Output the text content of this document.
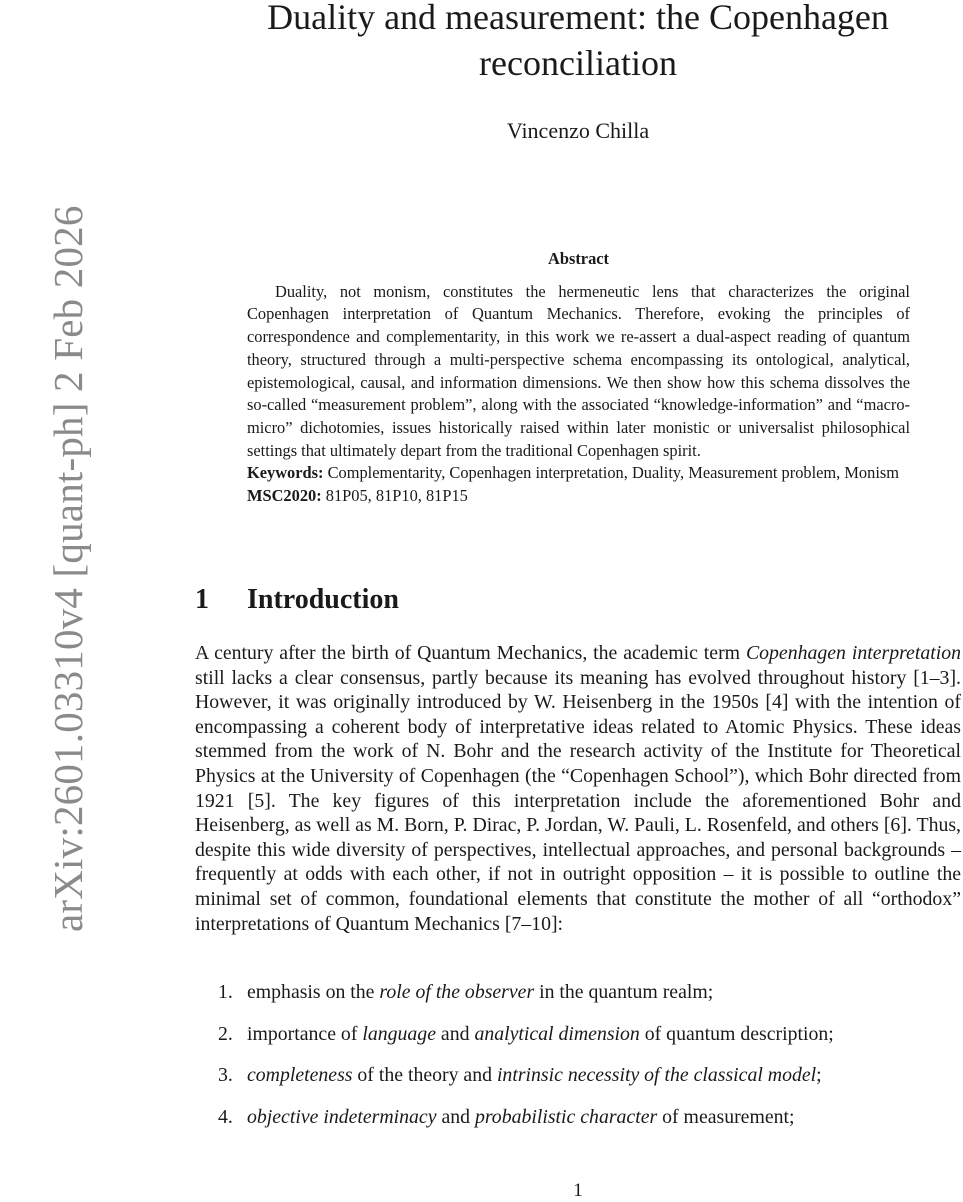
arXiv:2601.03310v4 [quant-ph] 2 Feb 2026
Duality and measurement: the Copenhagen
reconciliation

Vincenzo Chilla

Abstract

Duality, not monism, constitutes the hermeneutic lens that characterizes the original Copenhagen interpretation of Quantum Mechanics. Therefore, evoking the principles of correspondence and complementarity, in this work we re-assert a dual-aspect reading of quantum theory, structured through a multi-perspective schema encompassing its ontological, analytical, epistemological, causal, and information dimensions. We then show how this schema dissolves the so-called “measurement problem”, along with the associated “knowledge-information” and “macro-micro” dichotomies, issues historically raised within later monistic or universalist philosophical settings that ultimately depart from the traditional Copenhagen spirit.

Keywords: Complementarity, Copenhagen interpretation, Duality, Measurement problem, Monism

MSC2020: 81P05, 81P10, 81P15

1 Introduction

A century after the birth of Quantum Mechanics, the academic term Copenhagen interpretation still lacks a clear consensus, partly because its meaning has evolved throughout history [1–3]. However, it was originally introduced by W. Heisenberg in the 1950s [4] with the intention of encompassing a coherent body of interpretative ideas related to Atomic Physics. These ideas stemmed from the work of N. Bohr and the research activity of the Institute for Theoretical Physics at the University of Copenhagen (the “Copenhagen School”), which Bohr directed from 1921 [5]. The key figures of this interpretation include the aforementioned Bohr and Heisenberg, as well as M. Born, P. Dirac, P. Jordan, W. Pauli, L. Rosenfeld, and others [6]. Thus, despite this wide diversity of perspectives, intellectual approaches, and personal backgrounds – frequently at odds with each other, if not in outright opposition – it is possible to outline the minimal set of common, foundational elements that constitute the mother of all “orthodox” interpretations of Quantum Mechanics [7–10]:

1. emphasis on the role of the observer in the quantum realm;
2. importance of language and analytical dimension of quantum description;
3. completeness of the theory and intrinsic necessity of the classical model;
4. objective indeterminacy and probabilistic character of measurement;
1
